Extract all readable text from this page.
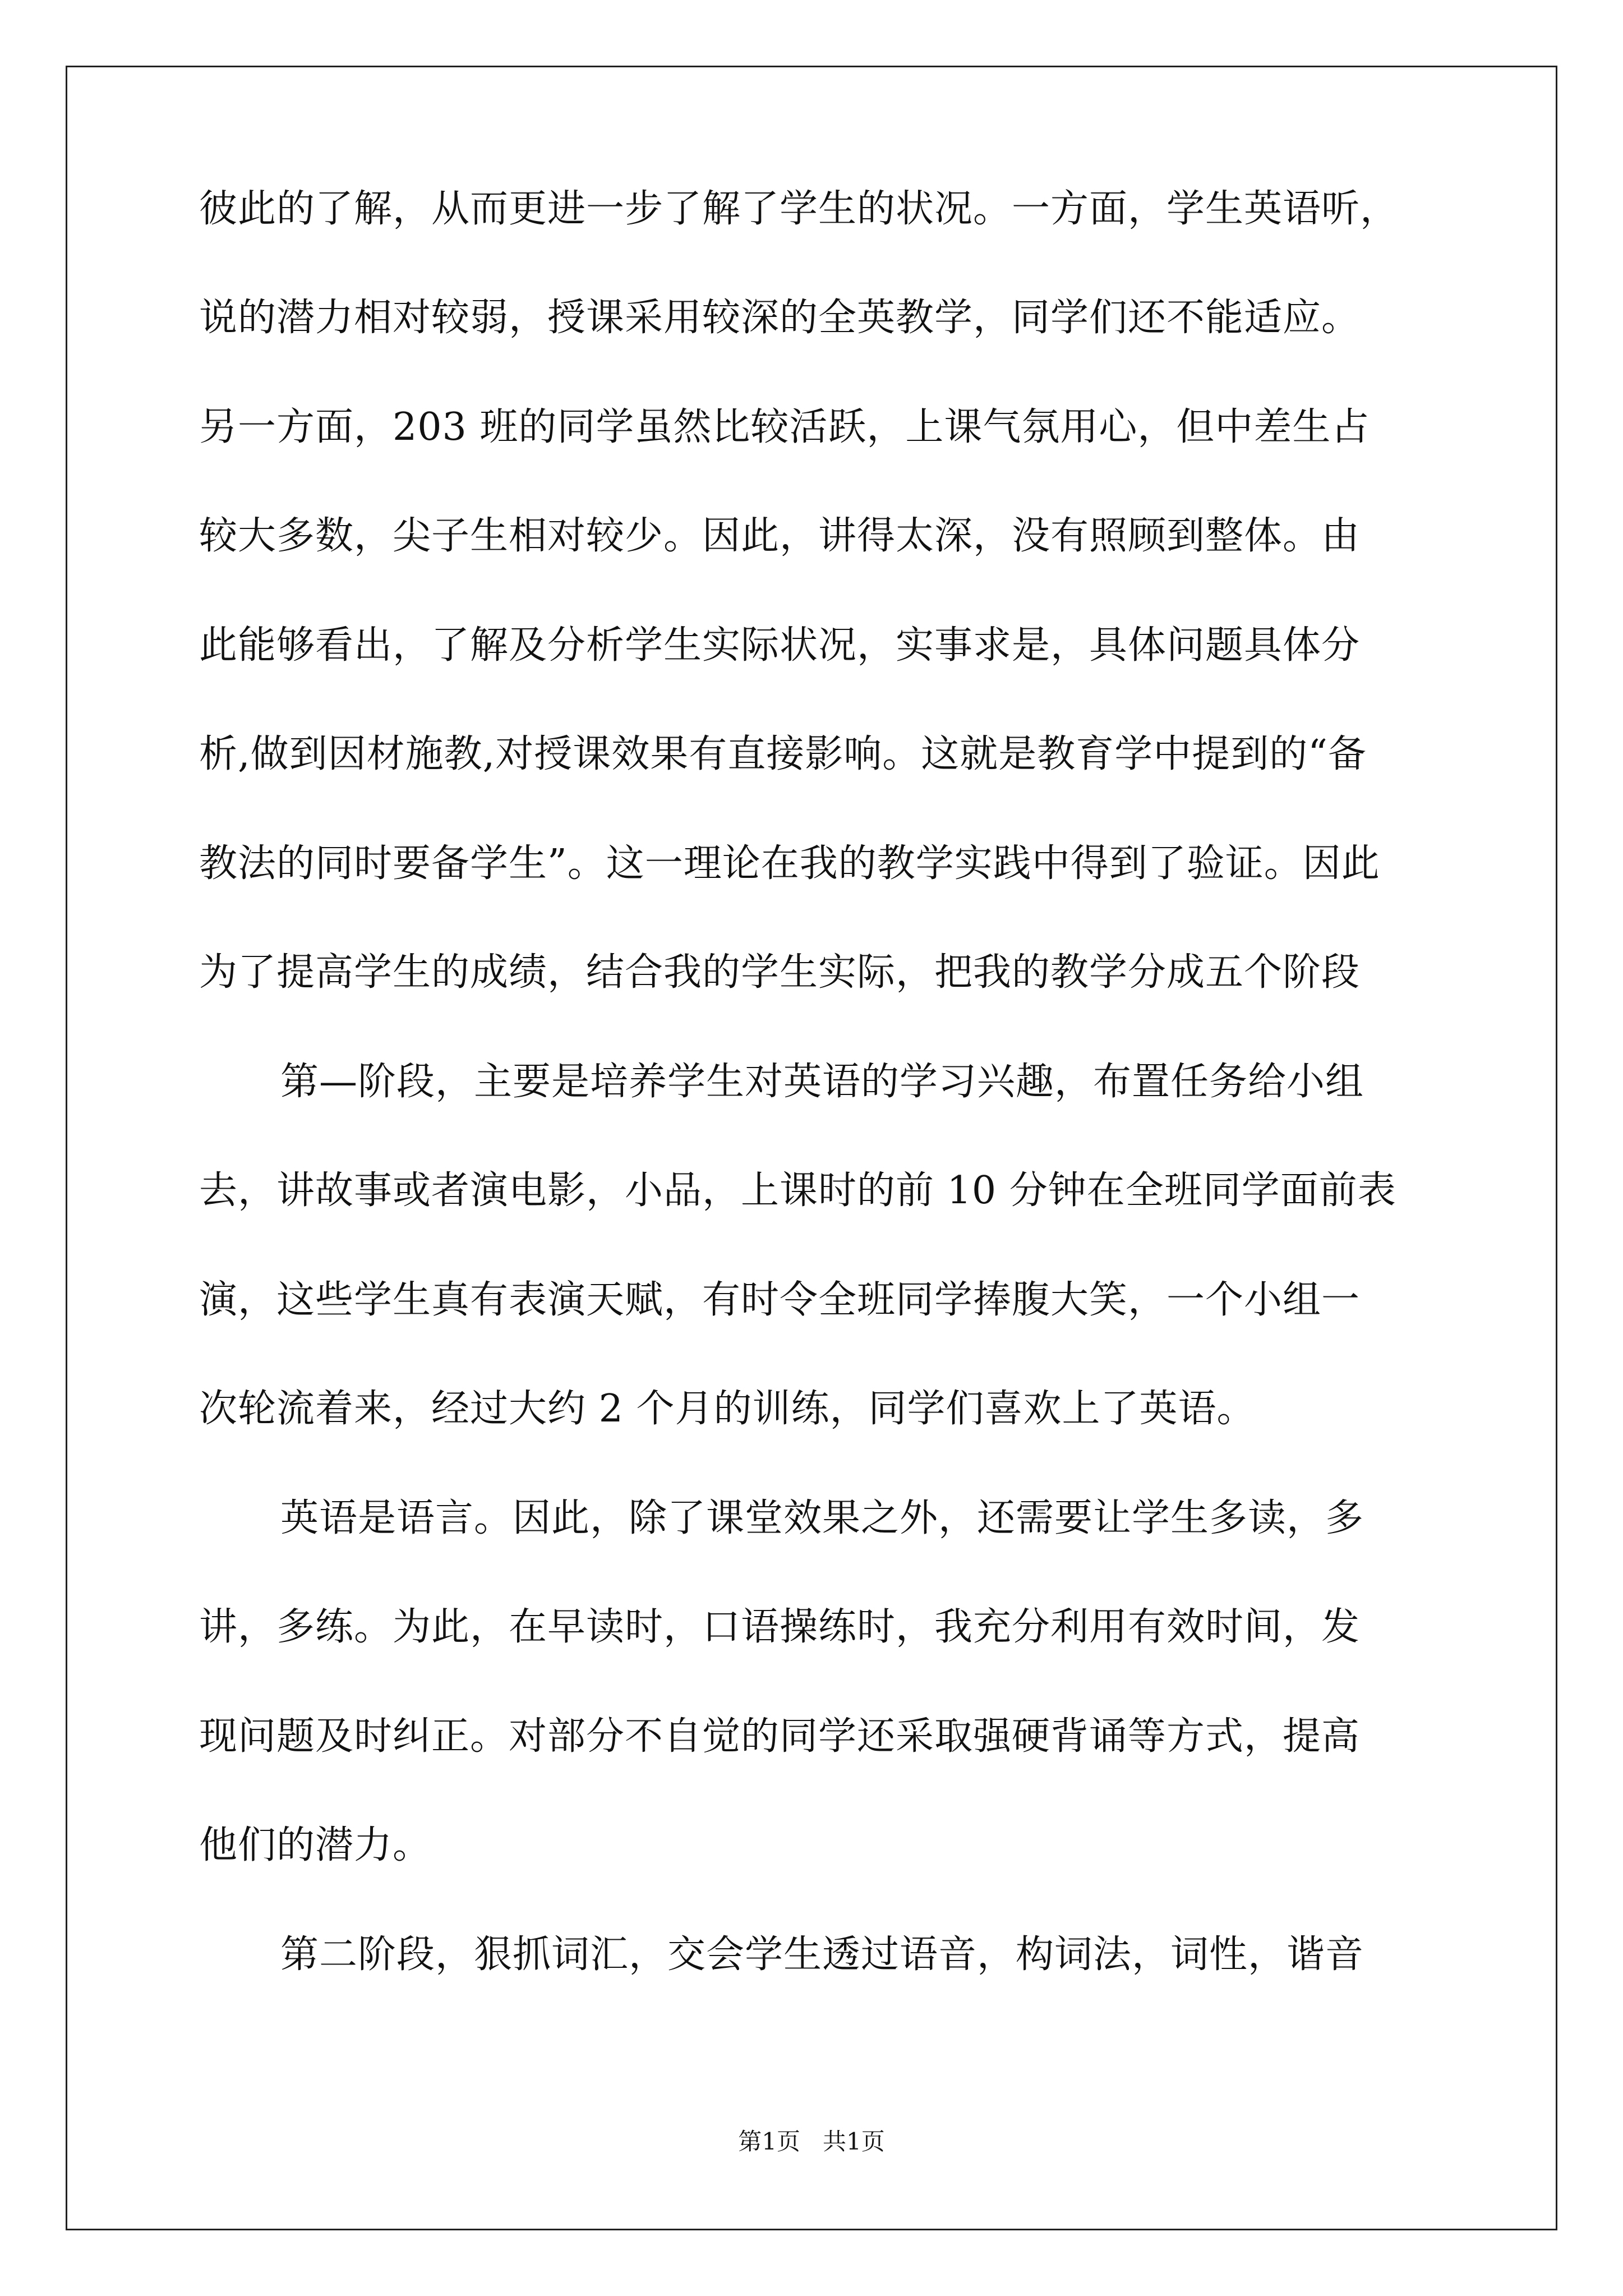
彼此的了解，从而更进一步了解了学生的状况。一方面，学生英语听，
说的潜力相对较弱，授课采用较深的全英教学，同学们还不能适应。
另一方面，203 班的同学虽然比较活跃，上课气氛用心，但中差生占
较大多数，尖子生相对较少。因此，讲得太深，没有照顾到整体。由
此能够看出，了解及分析学生实际状况，实事求是，具体问题具体分
析,做到因材施教,对授课效果有直接影响。这就是教育学中提到的“备
教法的同时要备学生”。这一理论在我的教学实践中得到了验证。因此
为了提高学生的成绩，结合我的学生实际，把我的教学分成五个阶段
第—阶段，主要是培养学生对英语的学习兴趣，布置任务给小组
去，讲故事或者演电影，小品，上课时的前 10 分钟在全班同学面前表
演，这些学生真有表演天赋，有时令全班同学捧腹大笑，一个小组一
次轮流着来，经过大约 2 个月的训练，同学们喜欢上了英语。
英语是语言。因此，除了课堂效果之外，还需要让学生多读，多
讲，多练。为此，在早读时，口语操练时，我充分利用有效时间，发
现问题及时纠正。对部分不自觉的同学还采取强硬背诵等方式，提高
他们的潜力。
第二阶段，狠抓词汇，交会学生透过语音，构词法，词性，谐音
第1页   共1页
